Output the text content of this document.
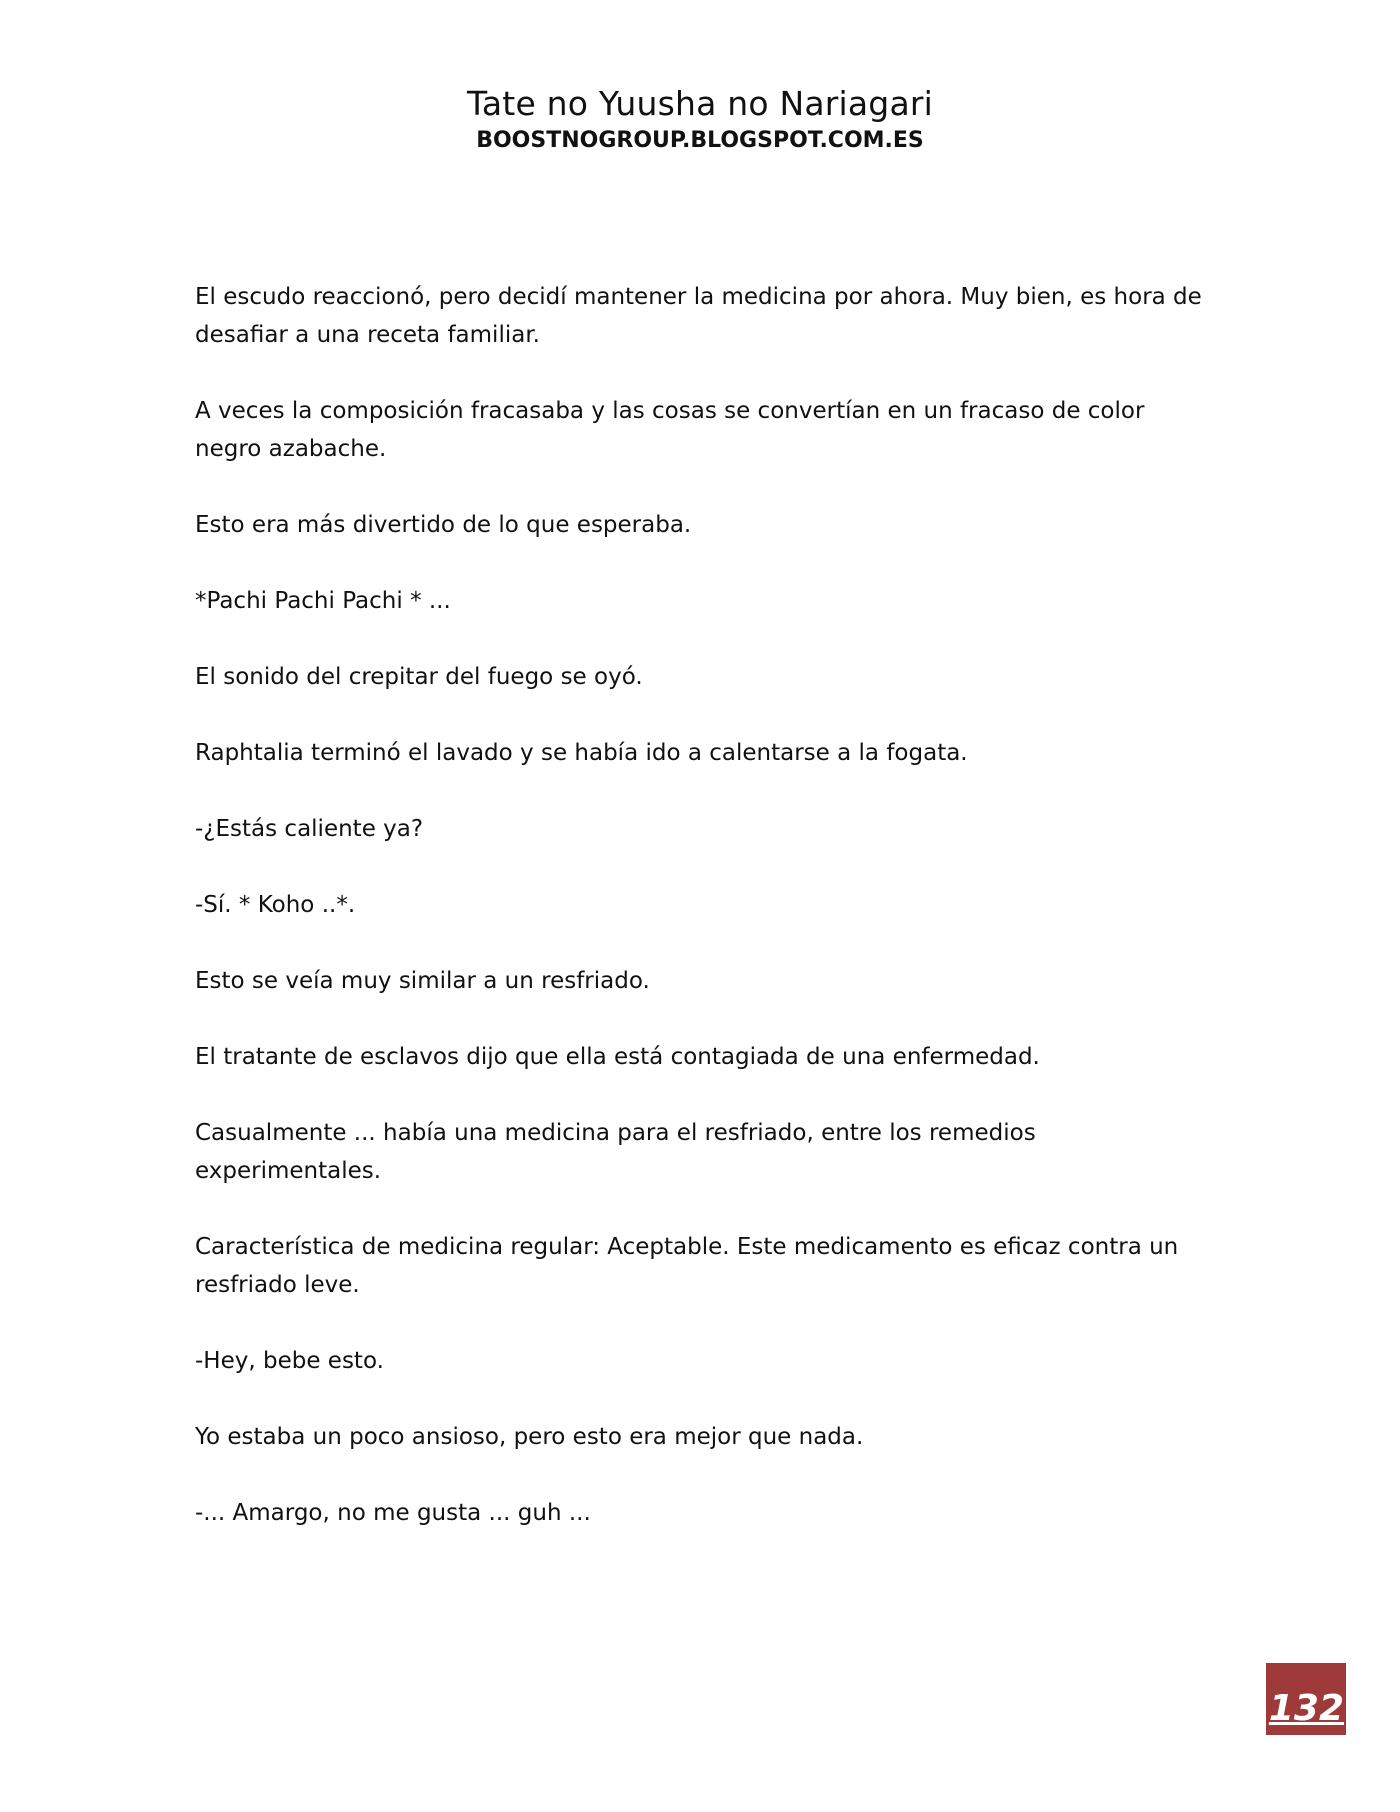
Tate no Yuusha no Nariagari
BOOSTNOGROUP.BLOGSPOT.COM.ES

El escudo reaccionó, pero decidí mantener la medicina por ahora. Muy bien, es hora de desafiar a una receta familiar.

A veces la composición fracasaba y las cosas se convertían en un fracaso de color negro azabache.

Esto era más divertido de lo que esperaba.

*Pachi Pachi Pachi * ...

El sonido del crepitar del fuego se oyó.

Raphtalia terminó el lavado y se había ido a calentarse a la fogata.

-¿Estás caliente ya?

-Sí. * Koho ..*.

Esto se veía muy similar a un resfriado.

El tratante de esclavos dijo que ella está contagiada de una enfermedad.

Casualmente ... había una medicina para el resfriado, entre los remedios experimentales.

Característica de medicina regular: Aceptable. Este medicamento es eficaz contra un resfriado leve.

-Hey, bebe esto.

Yo estaba un poco ansioso, pero esto era mejor que nada.

-... Amargo, no me gusta ... guh ...

132
